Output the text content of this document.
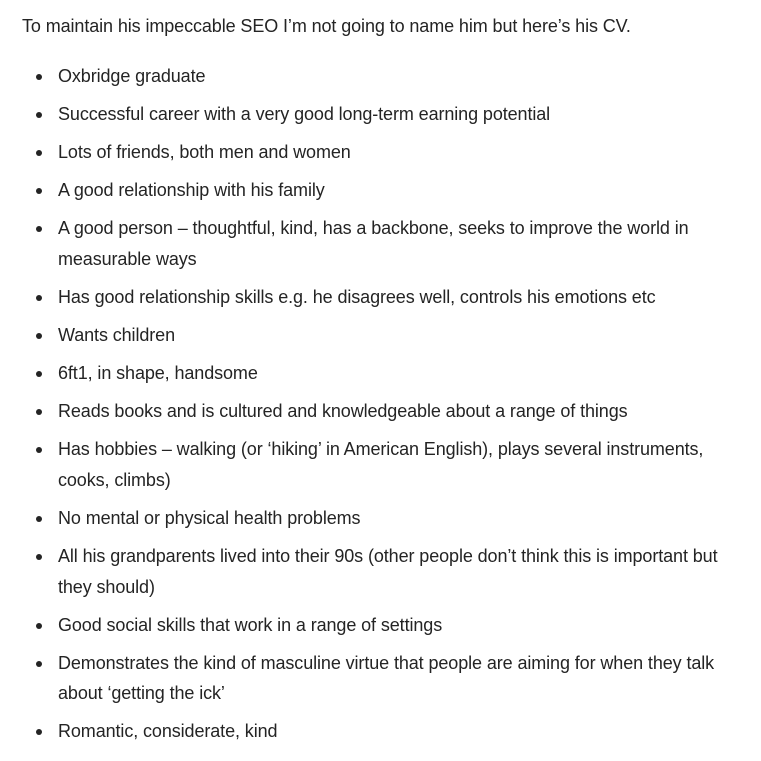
To maintain his impeccable SEO I’m not going to name him but here’s his CV.

Oxbridge graduate
Successful career with a very good long-term earning potential
Lots of friends, both men and women
A good relationship with his family
A good person – thoughtful, kind, has a backbone, seeks to improve the world in measurable ways
Has good relationship skills e.g. he disagrees well, controls his emotions etc
Wants children
6ft1, in shape, handsome
Reads books and is cultured and knowledgeable about a range of things
Has hobbies – walking (or ‘hiking’ in American English), plays several instruments, cooks, climbs)
No mental or physical health problems
All his grandparents lived into their 90s (other people don’t think this is important but they should)
Good social skills that work in a range of settings
Demonstrates the kind of masculine virtue that people are aiming for when they talk about ‘getting the ick’
Romantic, considerate, kind
